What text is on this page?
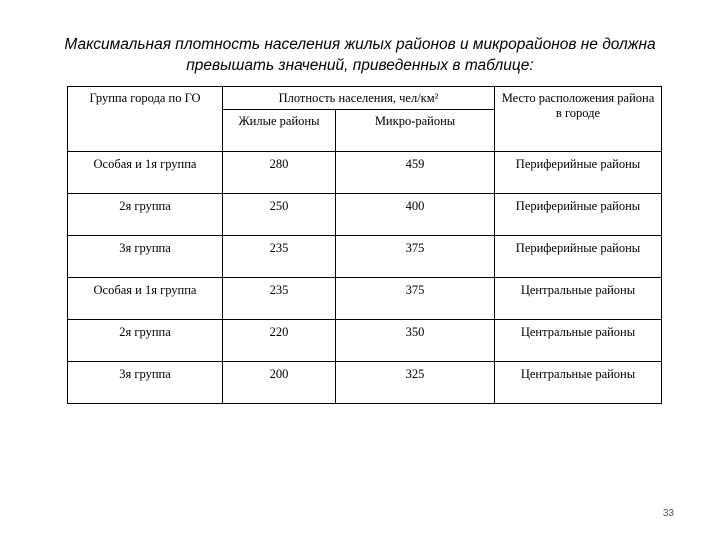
Максимальная плотность населения жилых районов и микрорайонов не должна превышать значений, приведенных в таблице:
Группа города по ГО	Плотность населения, чел/км²		Место расположения района в городе
	Жилые районы	Микро-районы	
Особая и 1я группа	280	459	Периферийные районы
2я группа	250	400	Периферийные районы
3я группа	235	375	Периферийные районы
Особая и 1я группа	235	375	Центральные районы
2я группа	220	350	Центральные районы
3я группа	200	325	Центральные районы
33
